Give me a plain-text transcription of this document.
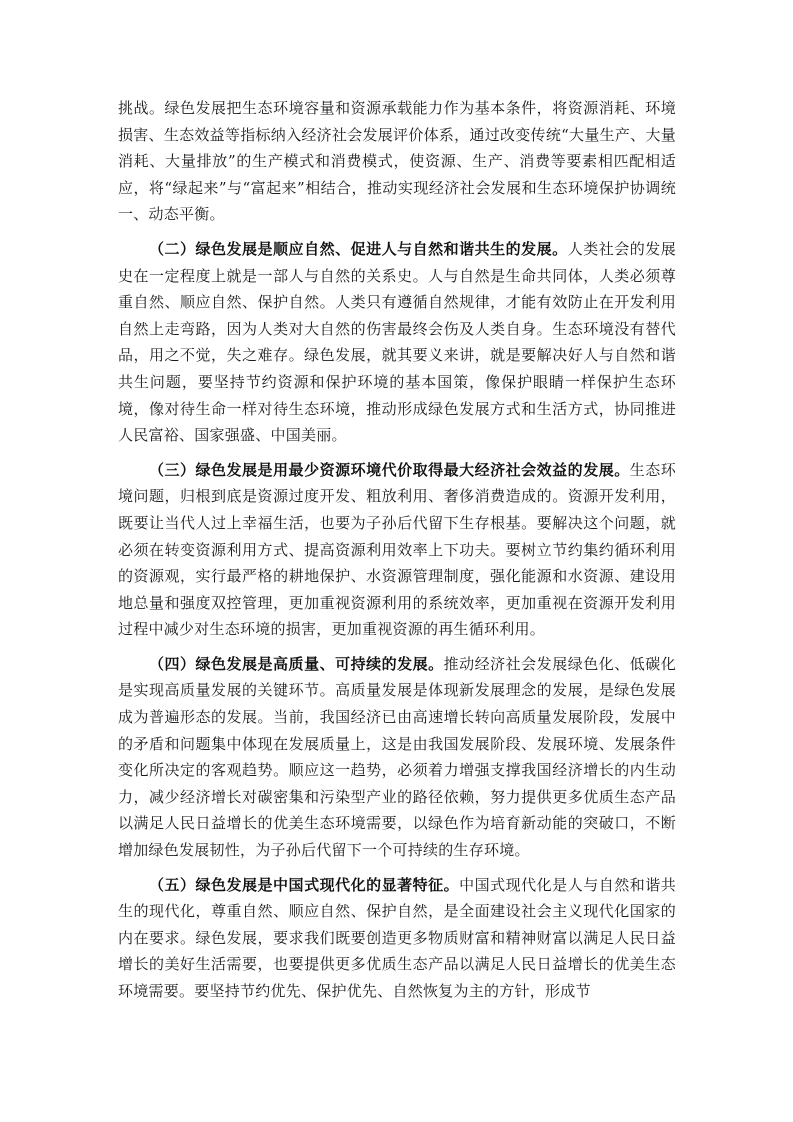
挑战。绿色发展把生态环境容量和资源承载能力作为基本条件，将资源消耗、环境损害、生态效益等指标纳入经济社会发展评价体系，通过改变传统“大量生产、大量消耗、大量排放”的生产模式和消费模式，使资源、生产、消费等要素相匹配相适应，将“绿起来”与“富起来”相结合，推动实现经济社会发展和生态环境保护协调统一、动态平衡。

（二）绿色发展是顺应自然、促进人与自然和谐共生的发展。人类社会的发展史在一定程度上就是一部人与自然的关系史。人与自然是生命共同体，人类必须尊重自然、顺应自然、保护自然。人类只有遵循自然规律，才能有效防止在开发利用自然上走弯路，因为人类对大自然的伤害最终会伤及人类自身。生态环境没有替代品，用之不觉，失之难存。绿色发展，就其要义来讲，就是要解决好人与自然和谐共生问题，要坚持节约资源和保护环境的基本国策，像保护眼睛一样保护生态环境，像对待生命一样对待生态环境，推动形成绿色发展方式和生活方式，协同推进人民富裕、国家强盛、中国美丽。

（三）绿色发展是用最少资源环境代价取得最大经济社会效益的发展。生态环境问题，归根到底是资源过度开发、粗放利用、奢侈消费造成的。资源开发利用，既要让当代人过上幸福生活，也要为子孙后代留下生存根基。要解决这个问题，就必须在转变资源利用方式、提高资源利用效率上下功夫。要树立节约集约循环利用的资源观，实行最严格的耕地保护、水资源管理制度，强化能源和水资源、建设用地总量和强度双控管理，更加重视资源利用的系统效率，更加重视在资源开发利用过程中减少对生态环境的损害，更加重视资源的再生循环利用。

（四）绿色发展是高质量、可持续的发展。推动经济社会发展绿色化、低碳化是实现高质量发展的关键环节。高质量发展是体现新发展理念的发展，是绿色发展成为普遍形态的发展。当前，我国经济已由高速增长转向高质量发展阶段，发展中的矛盾和问题集中体现在发展质量上，这是由我国发展阶段、发展环境、发展条件变化所决定的客观趋势。顺应这一趋势，必须着力增强支撑我国经济增长的内生动力，减少经济增长对碳密集和污染型产业的路径依赖，努力提供更多优质生态产品以满足人民日益增长的优美生态环境需要，以绿色作为培育新动能的突破口，不断增加绿色发展韧性，为子孙后代留下一个可持续的生存环境。

（五）绿色发展是中国式现代化的显著特征。中国式现代化是人与自然和谐共生的现代化，尊重自然、顺应自然、保护自然，是全面建设社会主义现代化国家的内在要求。绿色发展，要求我们既要创造更多物质财富和精神财富以满足人民日益增长的美好生活需要，也要提供更多优质生态产品以满足人民日益增长的优美生态环境需要。要坚持节约优先、保护优先、自然恢复为主的方针，形成节
